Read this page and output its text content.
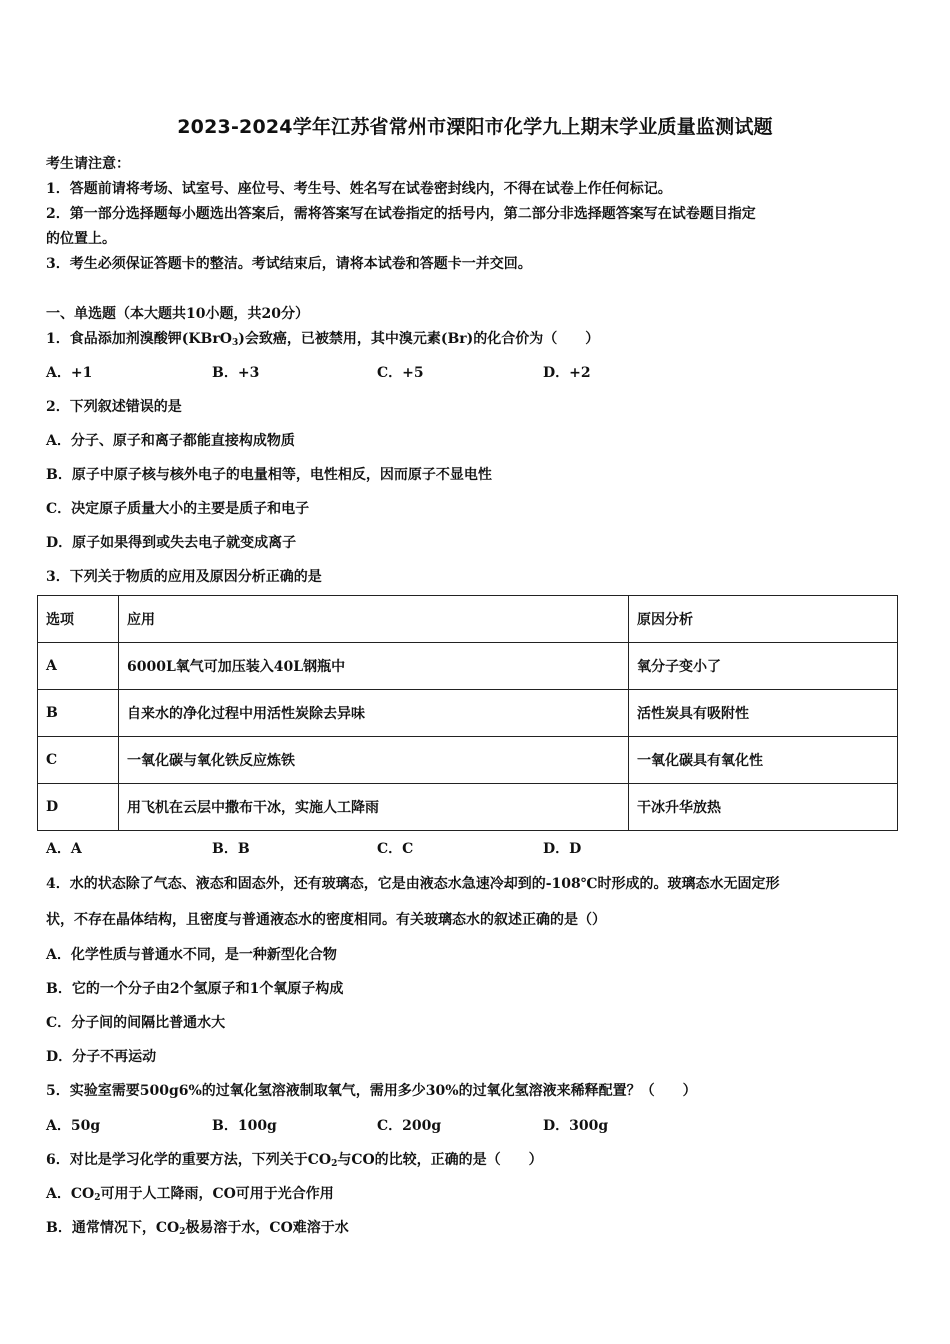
2023-2024学年江苏省常州市溧阳市化学九上期末学业质量监测试题
考生请注意：
1．答题前请将考场、试室号、座位号、考生号、姓名写在试卷密封线内，不得在试卷上作任何标记。
2．第一部分选择题每小题选出答案后，需将答案写在试卷指定的括号内，第二部分非选择题答案写在试卷题目指定
的位置上。
3．考生必须保证答题卡的整洁。考试结束后，请将本试卷和答题卡一并交回。
一、单选题（本大题共10小题，共20分）
1．食品添加剂溴酸钾(KBrO$_3$)会致癌，已被禁用，其中溴元素(Br)的化合价为（　　）
A．+1	B．+3	C．+5	D．+2
2．下列叙述错误的是
A．分子、原子和离子都能直接构成物质
B．原子中原子核与核外电子的电量相等，电性相反，因而原子不显电性
C．决定原子质量大小的主要是质子和电子
D．原子如果得到或失去电子就变成离子
3．下列关于物质的应用及原因分析正确的是
选项	应用	原因分析
A	6000L氧气可加压装入40L钢瓶中	氧分子变小了
B	自来水的净化过程中用活性炭除去异味	活性炭具有吸附性
C	一氧化碳与氧化铁反应炼铁	一氧化碳具有氧化性
D	用飞机在云层中撒布干冰，实施人工降雨	干冰升华放热
A．A	B．B	C．C	D．D
4．水的状态除了气态、液态和固态外，还有玻璃态，它是由液态水急速冷却到的-108℃时形成的。玻璃态水无固定形
状，不存在晶体结构，且密度与普通液态水的密度相同。有关玻璃态水的叙述正确的是（）
A．化学性质与普通水不同，是一种新型化合物
B．它的一个分子由2个氢原子和1个氧原子构成
C．分子间的间隔比普通水大
D．分子不再运动
5．实验室需要500g6%的过氧化氢溶液制取氧气，需用多少30%的过氧化氢溶液来稀释配置？（　　）
A．50g	B．100g	C．200g	D．300g
6．对比是学习化学的重要方法，下列关于$CO_2$与CO的比较，正确的是（　　）
A．$CO_2$可用于人工降雨，CO可用于光合作用
B．通常情况下，$CO_2$极易溶于水，CO难溶于水
